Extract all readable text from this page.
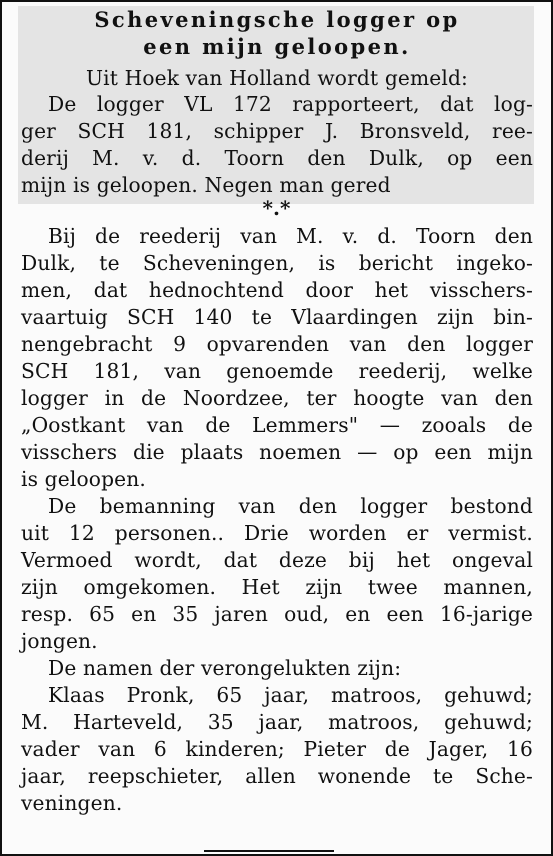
Scheveningsche logger op
een mijn geloopen.
Uit Hoek van Holland wordt gemeld:
De logger VL 172 rapporteert, dat log-
ger SCH 181, schipper J. Bronsveld, ree-
derij M. v. d. Toorn den Dulk, op een
mijn is geloopen. Negen man gered
*.*
Bij de reederij van M. v. d. Toorn den
Dulk, te Scheveningen, is bericht ingeko-
men, dat hednochtend door het visschers-
vaartuig SCH 140 te Vlaardingen zijn bin-
nengebracht 9 opvarenden van den logger
SCH 181, van genoemde reederij, welke
logger in de Noordzee, ter hoogte van den
„Oostkant van de Lemmers" — zooals de
visschers die plaats noemen — op een mijn
is geloopen.
De bemanning van den logger bestond
uit 12 personen.. Drie worden er vermist.
Vermoed wordt, dat deze bij het ongeval
zijn omgekomen. Het zijn twee mannen,
resp. 65 en 35 jaren oud, en een 16-jarige
jongen.
De namen der verongelukten zijn:
Klaas Pronk, 65 jaar, matroos, gehuwd;
M. Harteveld, 35 jaar, matroos, gehuwd;
vader van 6 kinderen; Pieter de Jager, 16
jaar, reepschieter, allen wonende te Sche-
veningen.
